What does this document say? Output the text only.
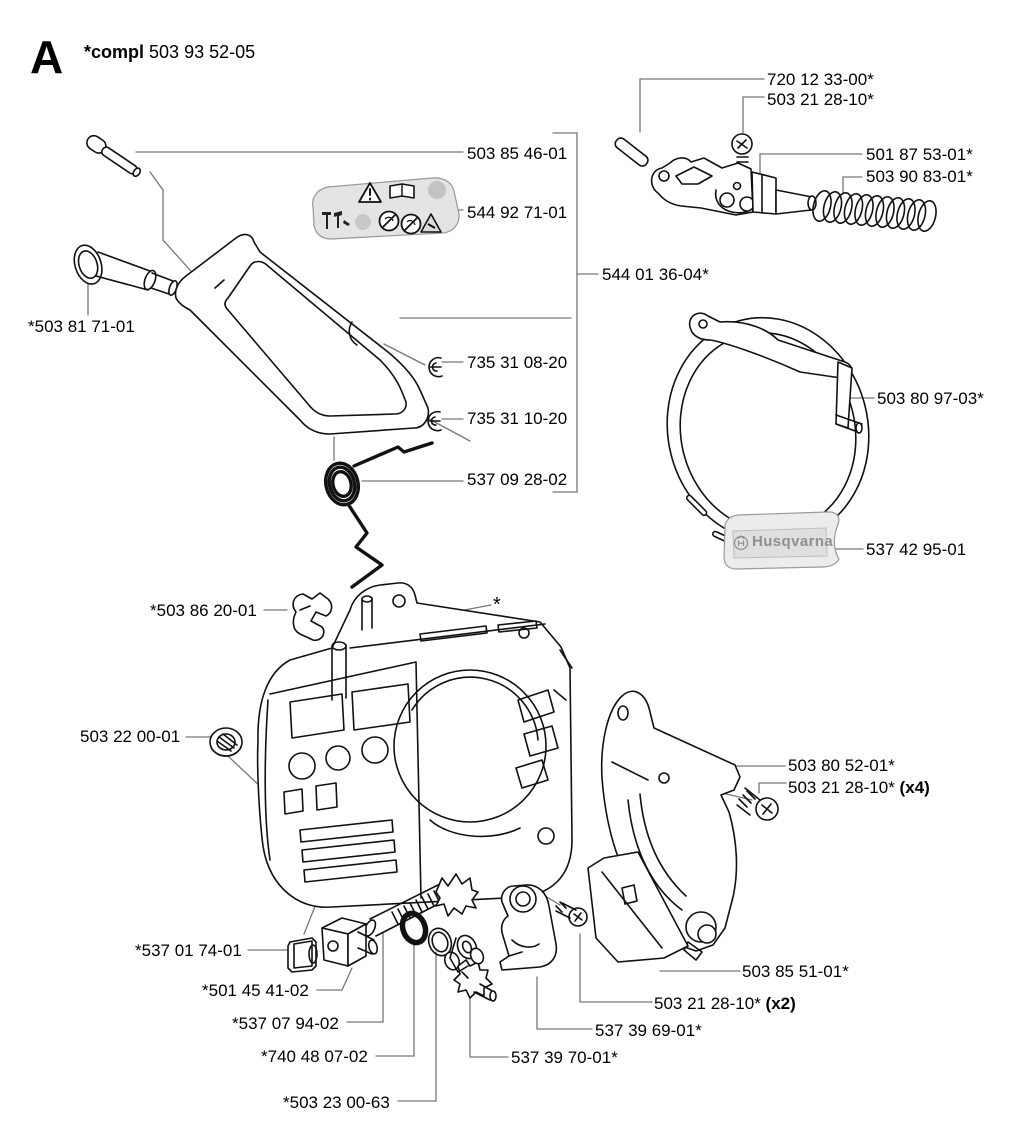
A *compl 503 93 52-05
Husqvarna
503 85 46-01
544 92 71-01
720 12 33-00*
503 21 28-10*
501 87 53-01*
503 90 83-01*
544 01 36-04*
*503 81 71-01
735 31 08-20
735 31 10-20
503 80 97-03*
537 09 28-02
537 42 95-01
*503 86 20-01	*
503 22 00-01
503 80 52-01*
503 21 28-10* (x4)
*537 01 74-01
*501 45 41-02
503 85 51-01*
503 21 28-10* (x2)
*537 07 94-02	537 39 69-01*
*740 48 07-02	537 39 70-01*
*503 23 00-63
